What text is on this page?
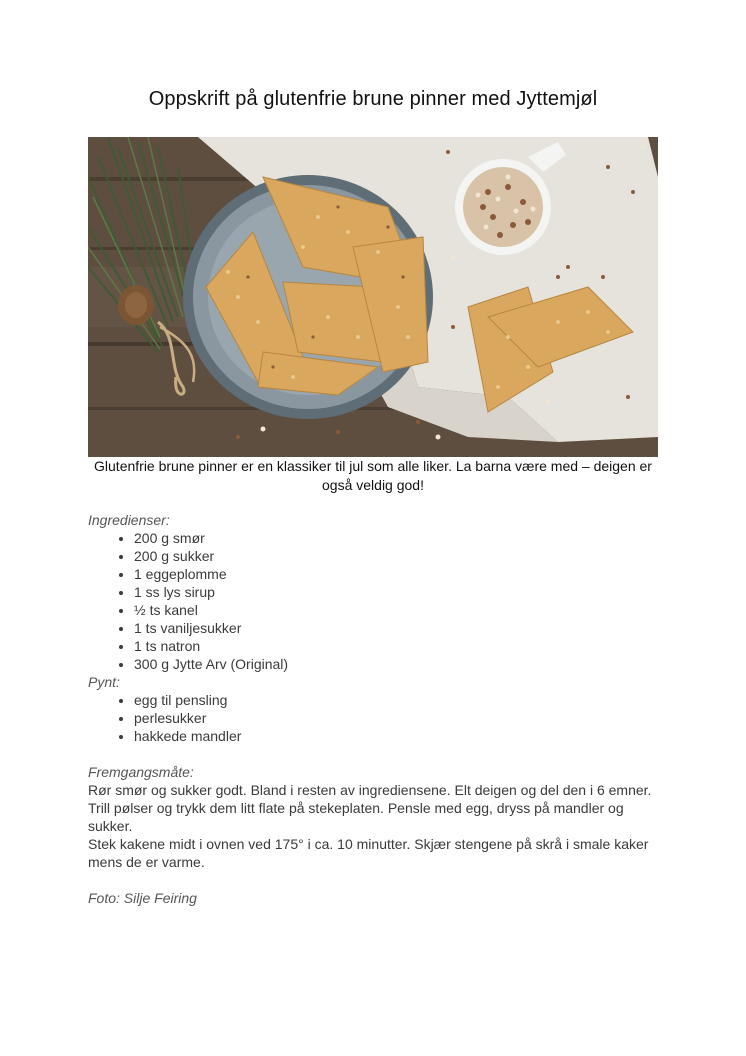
Oppskrift på glutenfrie brune pinner med Jyttemjøl
Glutenfrie brune pinner er en klassiker til jul som alle liker. La barna være med – deigen er også veldig god!
Ingredienser:
• 200 g smør
• 200 g sukker
• 1 eggeplomme
• 1 ss lys sirup
• ½ ts kanel
• 1 ts vaniljesukker
• 1 ts natron
• 300 g Jytte Arv (Original)
Pynt:
• egg til pensling
• perlesukker
• hakkede mandler
Fremgangsmåte:

Rør smør og sukker godt. Bland i resten av ingrediensene. Elt deigen og del den i 6 emner.

Trill pølser og trykk dem litt flate på stekeplaten. Pensle med egg, dryss på mandler og sukker.

Stek kakene midt i ovnen ved 175° i ca. 10 minutter. Skjær stengene på skrå i smale kaker mens de er varme.

Foto: Silje Feiring
